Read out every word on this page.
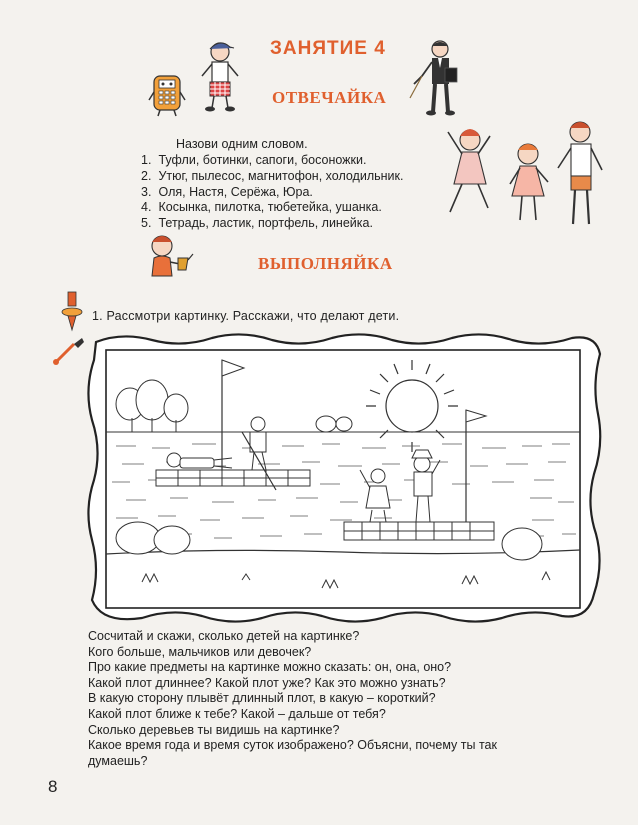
ЗАНЯТИЕ 4
ОТВЕЧАЙКА
Назови одним словом.
1. Туфли, ботинки, сапоги, босоножки.
2. Утюг, пылесос, магнитофон, холодильник.
3. Оля, Настя, Серёжа, Юра.
4. Косынка, пилотка, тюбетейка, ушанка.
5. Тетрадь, ластик, портфель, линейка.
ВЫПОЛНЯЙКА
1. Рассмотри картинку. Расскажи, что делают дети.
Сосчитай и скажи, сколько детей на картинке?
Кого больше, мальчиков или девочек?
Про какие предметы на картинке можно сказать: он, она, оно?
Какой плот длиннее? Какой плот уже? Как это можно узнать?
В какую сторону плывёт длинный плот, в какую – короткий?
Какой плот ближе к тебе? Какой – дальше от тебя?
Сколько деревьев ты видишь на картинке?
Какое время года и время суток изображено? Объясни, почему ты так
думаешь?
8
